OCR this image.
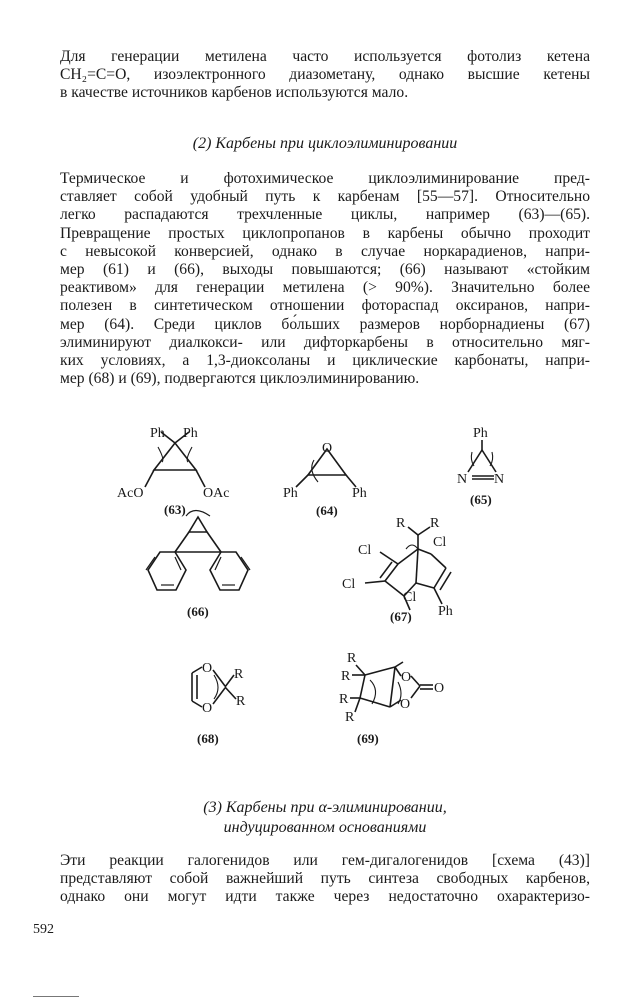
Для генерации метилена часто используется фотолиз кетена
CH₂=C=O, изоэлектронного диазометану, однако высшие кетены
в качестве источников карбенов используются мало.
(2) Карбены при циклоэлиминировании
Термическое и фотохимическое циклоэлиминирование пред-
ставляет собой удобный путь к карбенам [55—57]. Относительно
легко распадаются трехчленные циклы, например (63)—(65).
Превращение простых циклопропанов в карбены обычно проходит
с невысокой конверсией, однако в случае норкарадиенов, напри-
мер (61) и (66), выходы повышаются; (66) называют «стойким
реактивом» для генерации метилена (> 90%). Значительно более
полезен в синтетическом отношении фотораспад оксиранов, напри-
мер (64). Среди циклов бо́льших размеров норборнадиены (67)
элиминируют диалкокси- или дифторкарбены в относительно мяг-
ких условиях, а 1,3-диоксоланы и циклические карбонаты, напри-
мер (68) и (69), подвергаются циклоэлиминированию.
Ph Ph
AcO	OAc
(63)
O
Ph	Ph
(64)
Ph
N N
(65)
(66)
R R
Cl
Cl
Cl
Cl
Ph
(67)
O
O
R
R
(68)
R
R
R
R
O
O
O
(69)
(3) Карбены при α-элиминировании,
индуцированном основаниями
Эти реакции галогенидов или гем-дигалогенидов [схема (43)]
представляют собой важнейший путь синтеза свободных карбенов,
однако они могут идти также через недостаточно охарактеризо-
592
